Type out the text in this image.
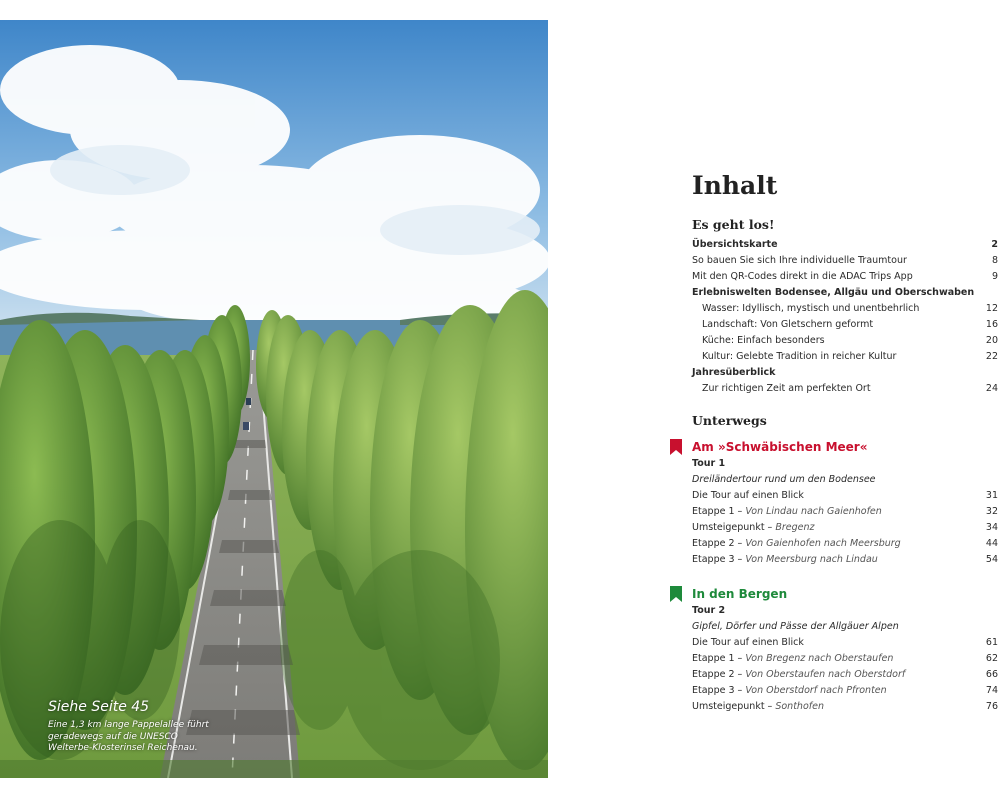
Siehe Seite 45
Eine 1,3 km lange Pappelallee führt geradewegs auf die UNESCO Welterbe-Klosterinsel Reichenau.
Inhalt
Es geht los!
Übersichtskarte	2
So bauen Sie sich Ihre individuelle Traumtour	8
Mit den QR-Codes direkt in die ADAC Trips App	9
Erlebniswelten Bodensee, Allgäu und Oberschwaben
Wasser: Idyllisch, mystisch und unentbehrlich	12
Landschaft: Von Gletschern geformt	16
Küche: Einfach besonders	20
Kultur: Gelebte Tradition in reicher Kultur	22
Jahresüberblick
Zur richtigen Zeit am perfekten Ort	24
Unterwegs
Am »Schwäbischen Meer«
Tour 1
Dreiländertour rund um den Bodensee
Die Tour auf einen Blick	31
Etappe 1 – Von Lindau nach Gaienhofen	32
Umsteigepunkt – Bregenz	34
Etappe 2 – Von Gaienhofen nach Meersburg	44
Etappe 3 – Von Meersburg nach Lindau	54
In den Bergen
Tour 2
Gipfel, Dörfer und Pässe der Allgäuer Alpen
Die Tour auf einen Blick	61
Etappe 1 – Von Bregenz nach Oberstaufen	62
Etappe 2 – Von Oberstaufen nach Oberstdorf	66
Etappe 3 – Von Oberstdorf nach Pfronten	74
Umsteigepunkt – Sonthofen	76
